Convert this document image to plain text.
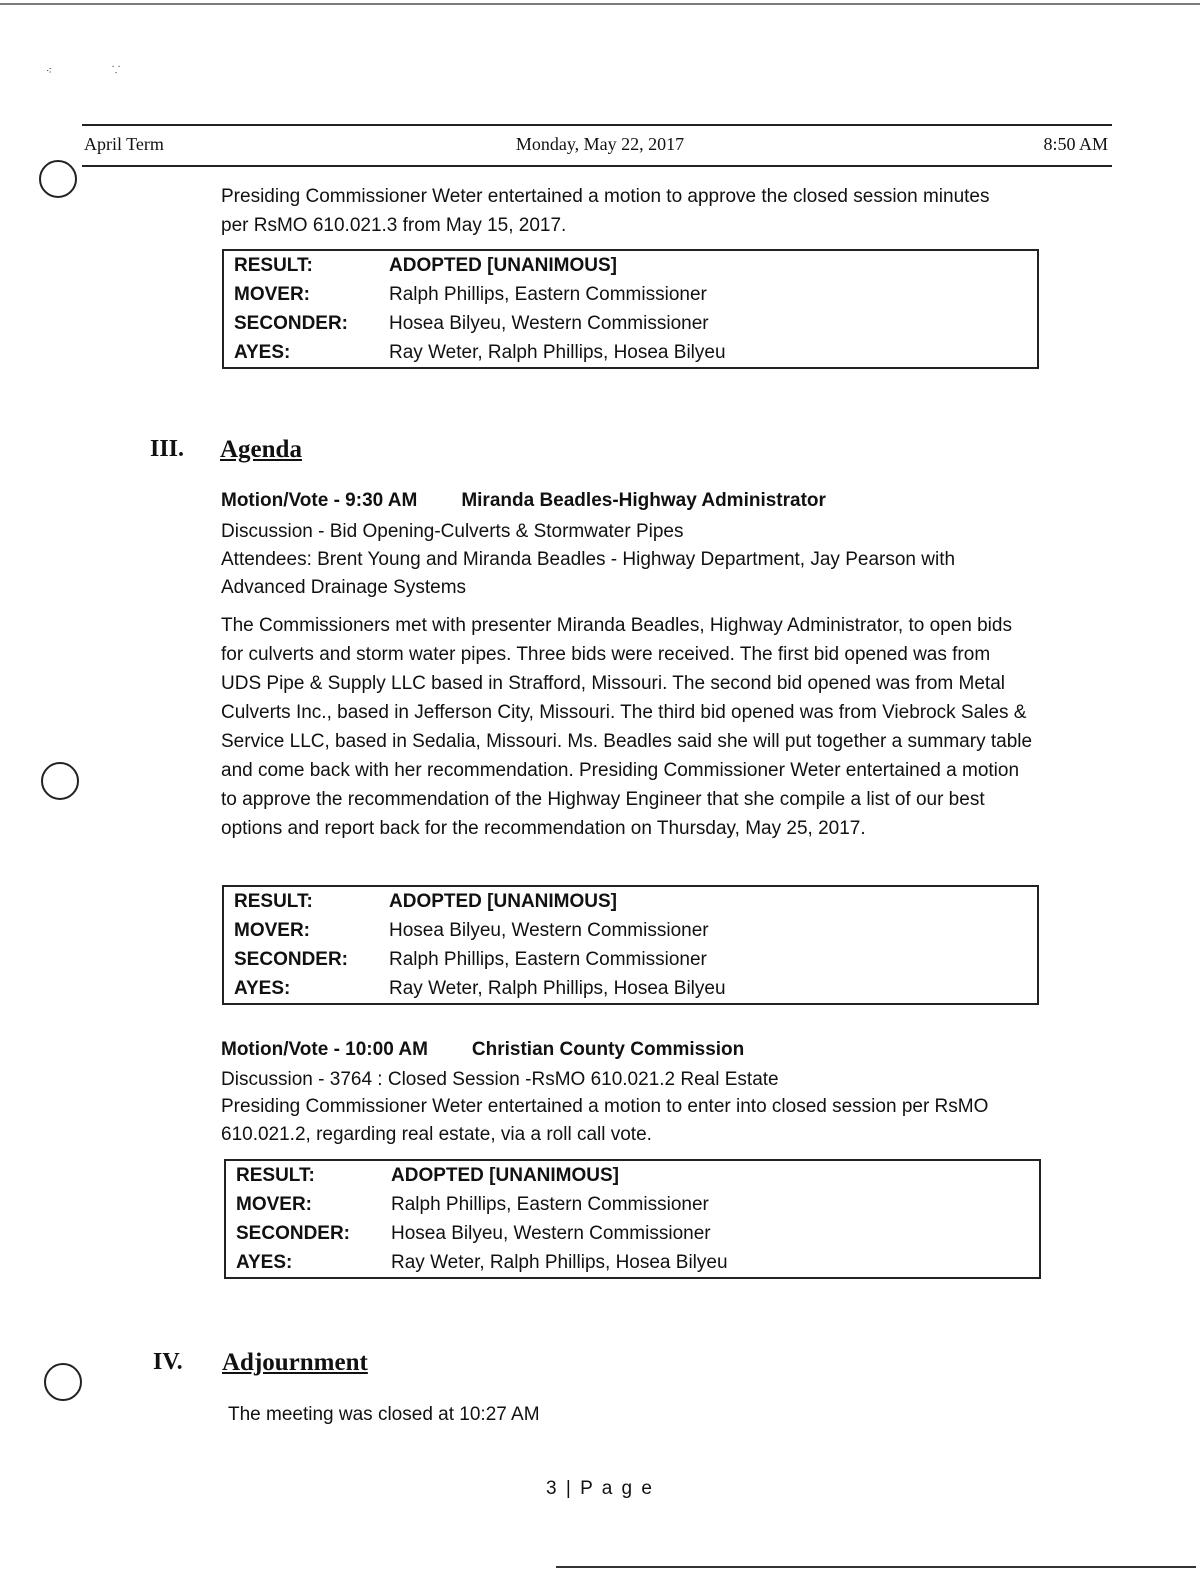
⁖	⸪
April Term	Monday, May 22, 2017	8:50 AM
Presiding Commissioner Weter entertained a motion to approve the closed session minutes per RsMO 610.021.3 from May 15, 2017.
RESULT:	ADOPTED [UNANIMOUS]
MOVER:	Ralph Phillips, Eastern Commissioner
SECONDER:	Hosea Bilyeu, Western Commissioner
AYES:	Ray Weter, Ralph Phillips, Hosea Bilyeu
III. Agenda
Motion/Vote - 9:30 AM Miranda Beadles-Highway Administrator
Discussion - Bid Opening-Culverts & Stormwater Pipes
Attendees: Brent Young and Miranda Beadles - Highway Department, Jay Pearson with Advanced Drainage Systems
The Commissioners met with presenter Miranda Beadles, Highway Administrator, to open bids for culverts and storm water pipes. Three bids were received. The first bid opened was from UDS Pipe & Supply LLC based in Strafford, Missouri. The second bid opened was from Metal Culverts Inc., based in Jefferson City, Missouri. The third bid opened was from Viebrock Sales & Service LLC, based in Sedalia, Missouri. Ms. Beadles said she will put together a summary table and come back with her recommendation. Presiding Commissioner Weter entertained a motion to approve the recommendation of the Highway Engineer that she compile a list of our best options and report back for the recommendation on Thursday, May 25, 2017.
RESULT:	ADOPTED [UNANIMOUS]
MOVER:	Hosea Bilyeu, Western Commissioner
SECONDER:	Ralph Phillips, Eastern Commissioner
AYES:	Ray Weter, Ralph Phillips, Hosea Bilyeu
Motion/Vote - 10:00 AM Christian County Commission
Discussion - 3764 : Closed Session -RsMO 610.021.2 Real Estate
Presiding Commissioner Weter entertained a motion to enter into closed session per RsMO 610.021.2, regarding real estate, via a roll call vote.
RESULT:	ADOPTED [UNANIMOUS]
MOVER:	Ralph Phillips, Eastern Commissioner
SECONDER:	Hosea Bilyeu, Western Commissioner
AYES:	Ray Weter, Ralph Phillips, Hosea Bilyeu
IV. Adjournment
The meeting was closed at 10:27 AM
3 | P a g e
